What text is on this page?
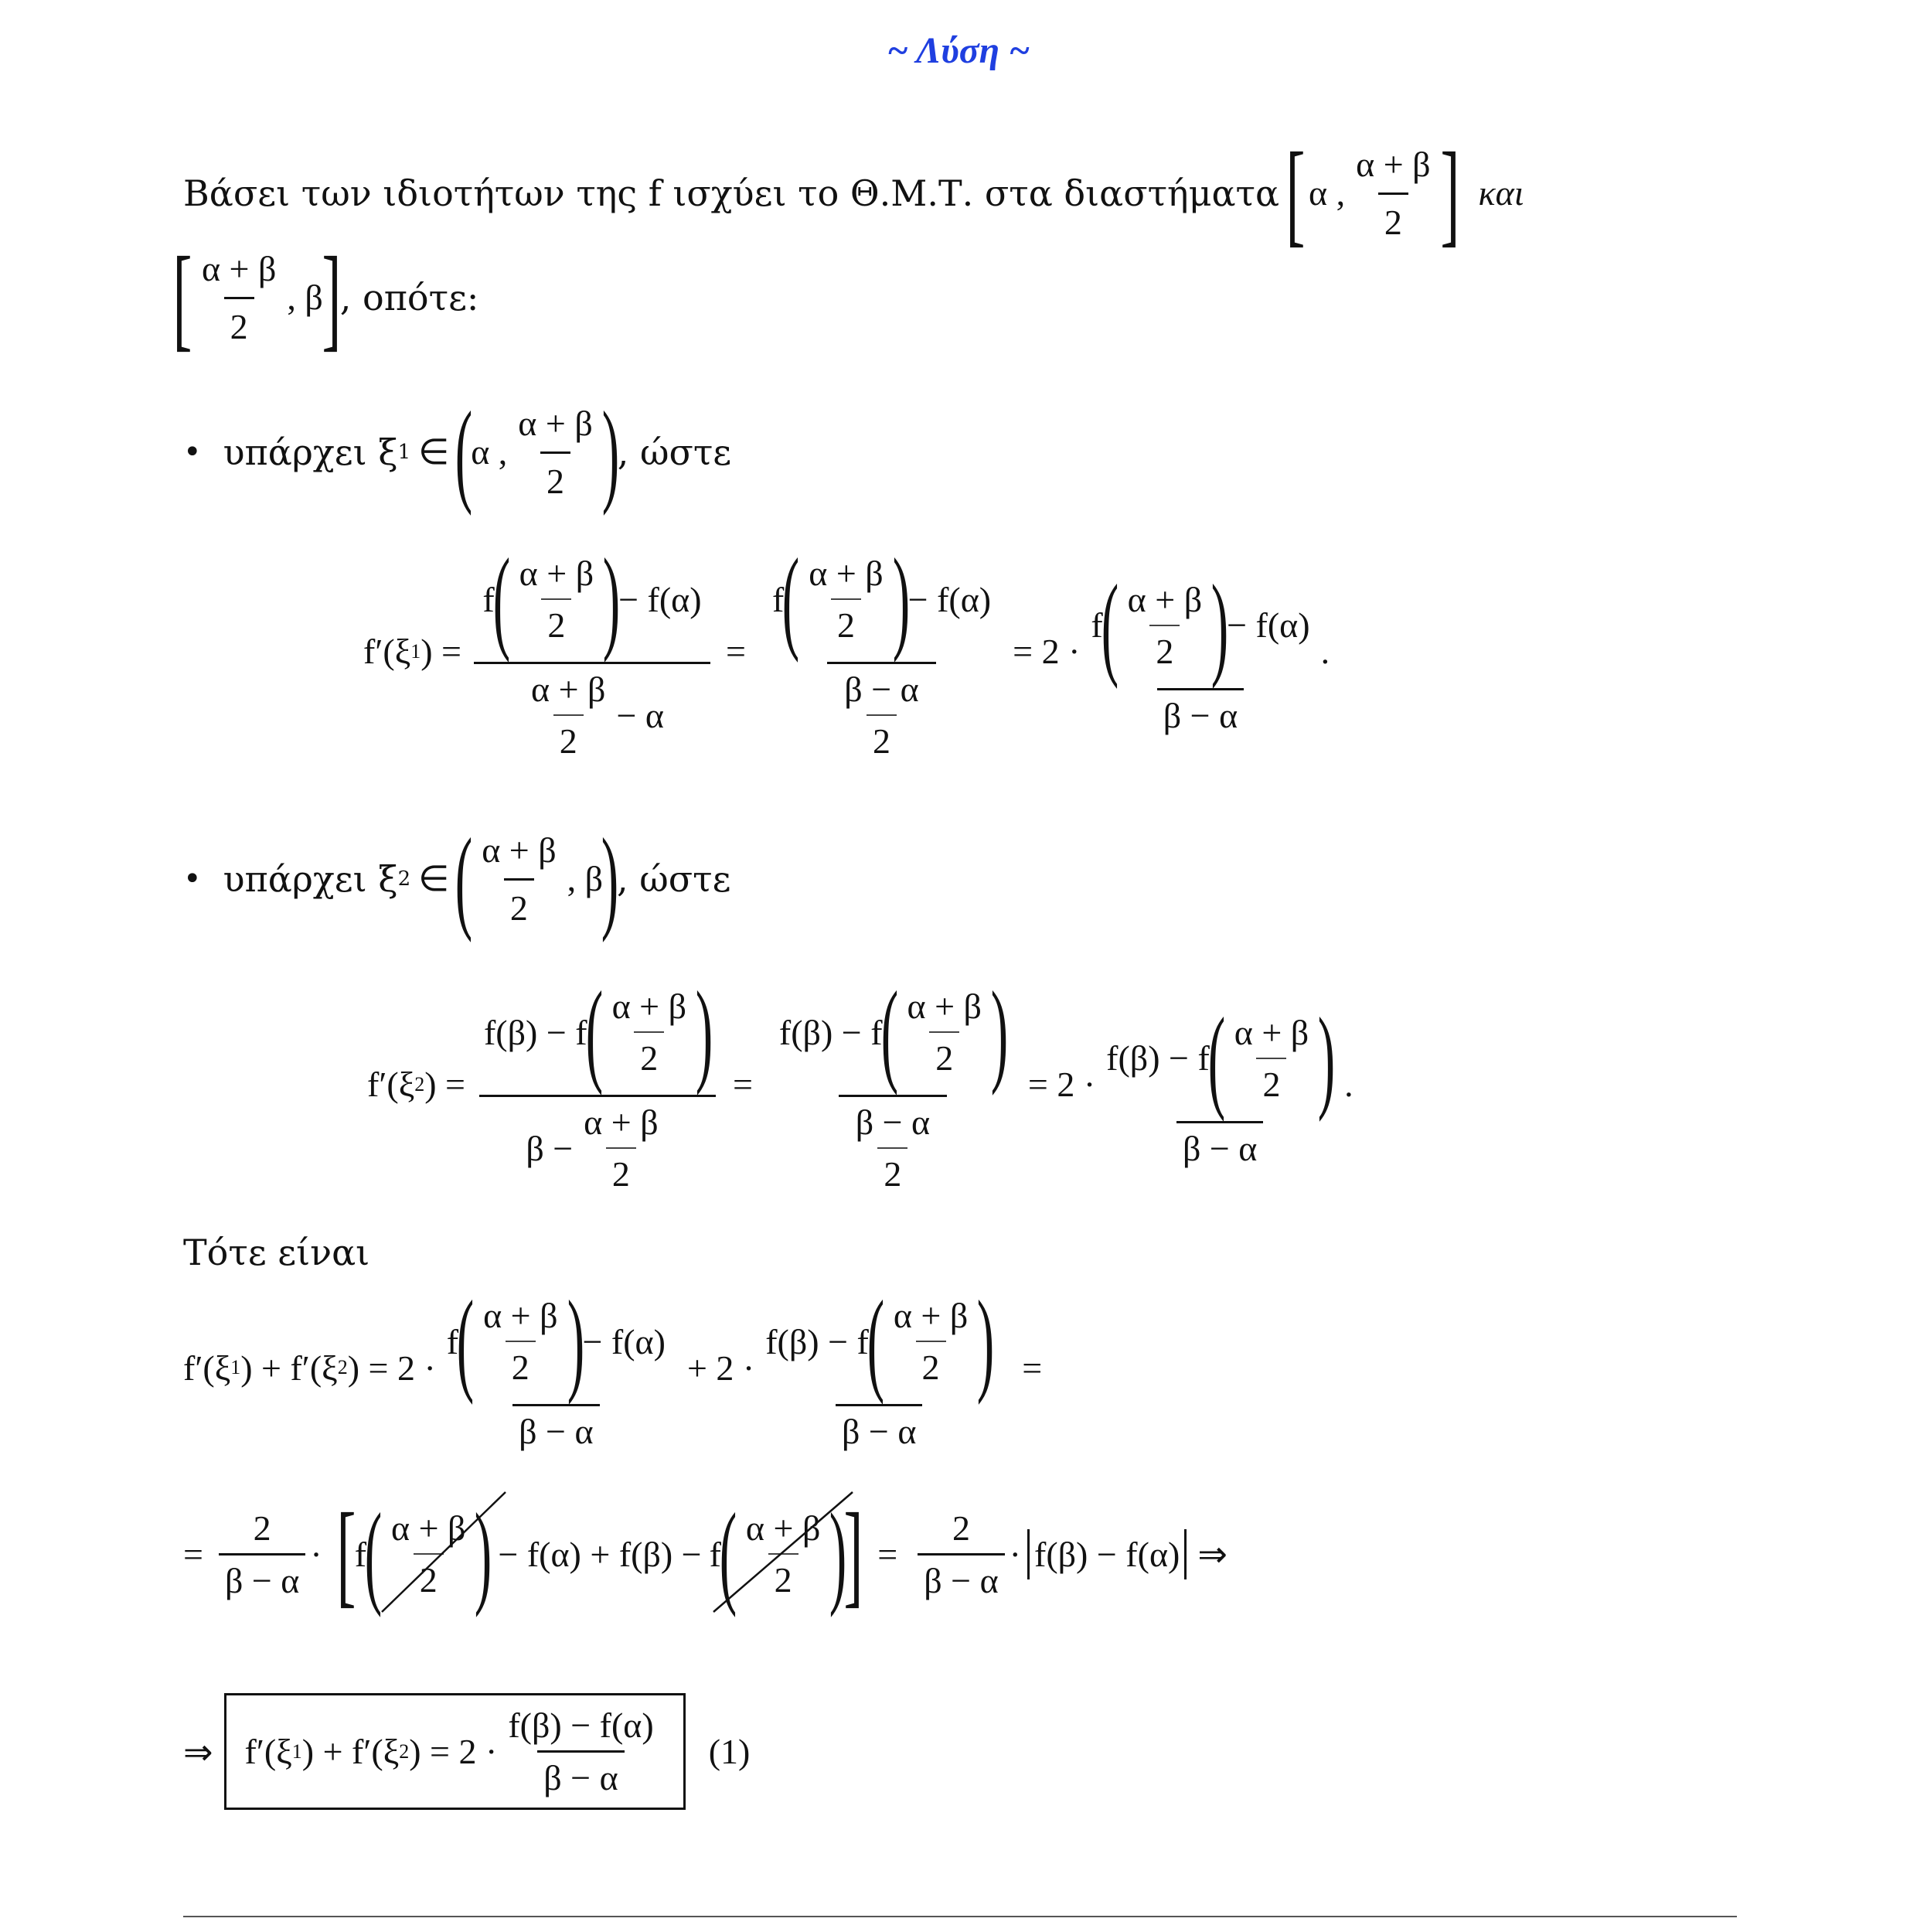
~ Λύση ~
Βάσει των ιδιοτήτων της f ισχύει το Θ.Μ.Τ. στα διαστήματα [ α , $\frac{\alpha + \beta}{2}$ ] και
[ $\frac{\alpha + \beta}{2}$ , β
]
, οπότε:
• υπάρχει ξ 1 ∈ (
α , $\frac{\alpha + \beta}{2}$ )
, ώστε
f′(ξ 1 ) = f
( $\frac{\alpha + \beta}{2}$ )
− f(α)
$\frac{\alpha + \beta}{2} - \alpha = f$
( $\frac{\alpha + \beta}{2}$ )
− f(α)
$\frac{\beta - \alpha}{2} = 2 \cdot f$
( $\frac{\alpha + \beta}{2}$ )
− f(α)
β − α .
• υπάρχει ξ 2 ∈ ( $\frac{\alpha + \beta}{2}$ , β
)
, ώστε
f′(ξ 2 ) = f(β) − f
( $\frac{\alpha + \beta}{2}$ )
$\beta - \frac{\alpha + \beta}{2} = f(\beta) - f$
( $\frac{\alpha + \beta}{2}$ )
$\frac{\beta - \alpha}{2} = 2 \cdot f(\beta) - f$
( $\frac{\alpha + \beta}{2}$ )
β − α .
Τότε είναι
f′(ξ 1 ) + f′(ξ 2 ) = 2 · f
( $\frac{\alpha + \beta}{2}$ )
− f(α)
β − α + 2 · f(β) − f
( $\frac{\alpha + \beta}{2}$ )
β − α =
= $\frac{2}{\beta - \alpha}$ · [
f
( $\frac{\alpha + \beta}{2}$ ) − f(α) + f(β) − f
( $\frac{\alpha + \beta}{2}$ )
] = $\frac{2}{\beta - \alpha} \cdot f(\beta) - f(\alpha)$ ⇒
⇒ f′(ξ 1 ) + f′(ξ 2 ) = $2 \cdot \frac{f(\beta) - f(\alpha)}{\beta - \alpha} (1)$
